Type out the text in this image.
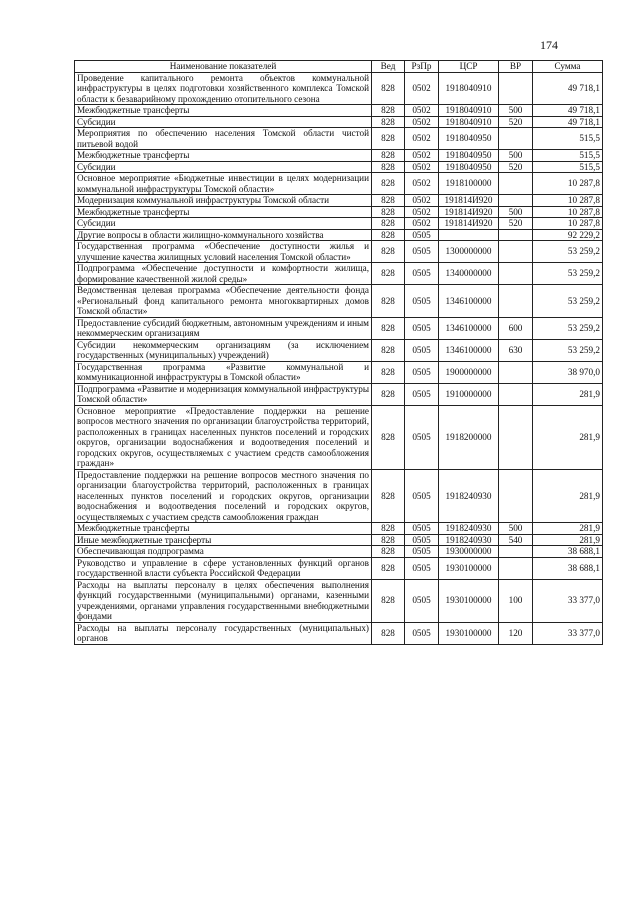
174
Наименование показателей	Вед	РзПр	ЦСР	ВР	Сумма
Проведение капитального ремонта объектов коммунальной инфраструктуры в целях подготовки хозяйственного комплекса Томской области к безаварийному прохождению отопительного сезона	828	0502	1918040910		49 718,1
Межбюджетные трансферты	828	0502	1918040910	500	49 718,1
Субсидии	828	0502	1918040910	520	49 718,1
Мероприятия по обеспечению населения Томской области чистой питьевой водой	828	0502	1918040950		515,5
Межбюджетные трансферты	828	0502	1918040950	500	515,5
Субсидии	828	0502	1918040950	520	515,5
Основное мероприятие «Бюджетные инвестиции в целях модернизации коммунальной инфраструктуры Томской области»	828	0502	1918100000		10 287,8
Модернизация коммунальной инфраструктуры Томской области	828	0502	191814И920		10 287,8
Межбюджетные трансферты	828	0502	191814И920	500	10 287,8
Субсидии	828	0502	191814И920	520	10 287,8
Другие вопросы в области жилищно-коммунального хозяйства	828	0505			92 229,2
Государственная программа «Обеспечение доступности жилья и улучшение качества жилищных условий населения Томской области»	828	0505	1300000000		53 259,2
Подпрограмма «Обеспечение доступности и комфортности жилища, формирование качественной жилой среды»	828	0505	1340000000		53 259,2
Ведомственная целевая программа «Обеспечение деятельности фонда «Региональный фонд капитального ремонта многоквартирных домов Томской области»	828	0505	1346100000		53 259,2
Предоставление субсидий бюджетным, автономным учреждениям и иным некоммерческим организациям	828	0505	1346100000	600	53 259,2
Субсидии некоммерческим организациям (за исключением государственных (муниципальных) учреждений)	828	0505	1346100000	630	53 259,2
Государственная программа «Развитие коммунальной и коммуникационной инфраструктуры в Томской области»	828	0505	1900000000		38 970,0
Подпрограмма «Развитие и модернизация коммунальной инфраструктуры Томской области»	828	0505	1910000000		281,9
Основное мероприятие «Предоставление поддержки на решение вопросов местного значения по организации благоустройства территорий, расположенных в границах населенных пунктов поселений и городских округов, организации водоснабжения и водоотведения поселений и городских округов, осуществляемых с участием средств самообложения граждан»	828	0505	1918200000		281,9
Предоставление поддержки на решение вопросов местного значения по организации благоустройства территорий, расположенных в границах населенных пунктов поселений и городских округов, организации водоснабжения и водоотведения поселений и городских округов, осуществляемых с участием средств самообложения граждан	828	0505	1918240930		281,9
Межбюджетные трансферты	828	0505	1918240930	500	281,9
Иные межбюджетные трансферты	828	0505	1918240930	540	281,9
Обеспечивающая подпрограмма	828	0505	1930000000		38 688,1
Руководство и управление в сфере установленных функций органов государственной власти субъекта Российской Федерации	828	0505	1930100000		38 688,1
Расходы на выплаты персоналу в целях обеспечения выполнения функций государственными (муниципальными) органами, казенными учреждениями, органами управления государственными внебюджетными фондами	828	0505	1930100000	100	33 377,0
Расходы на выплаты персоналу государственных (муниципальных) органов	828	0505	1930100000	120	33 377,0
